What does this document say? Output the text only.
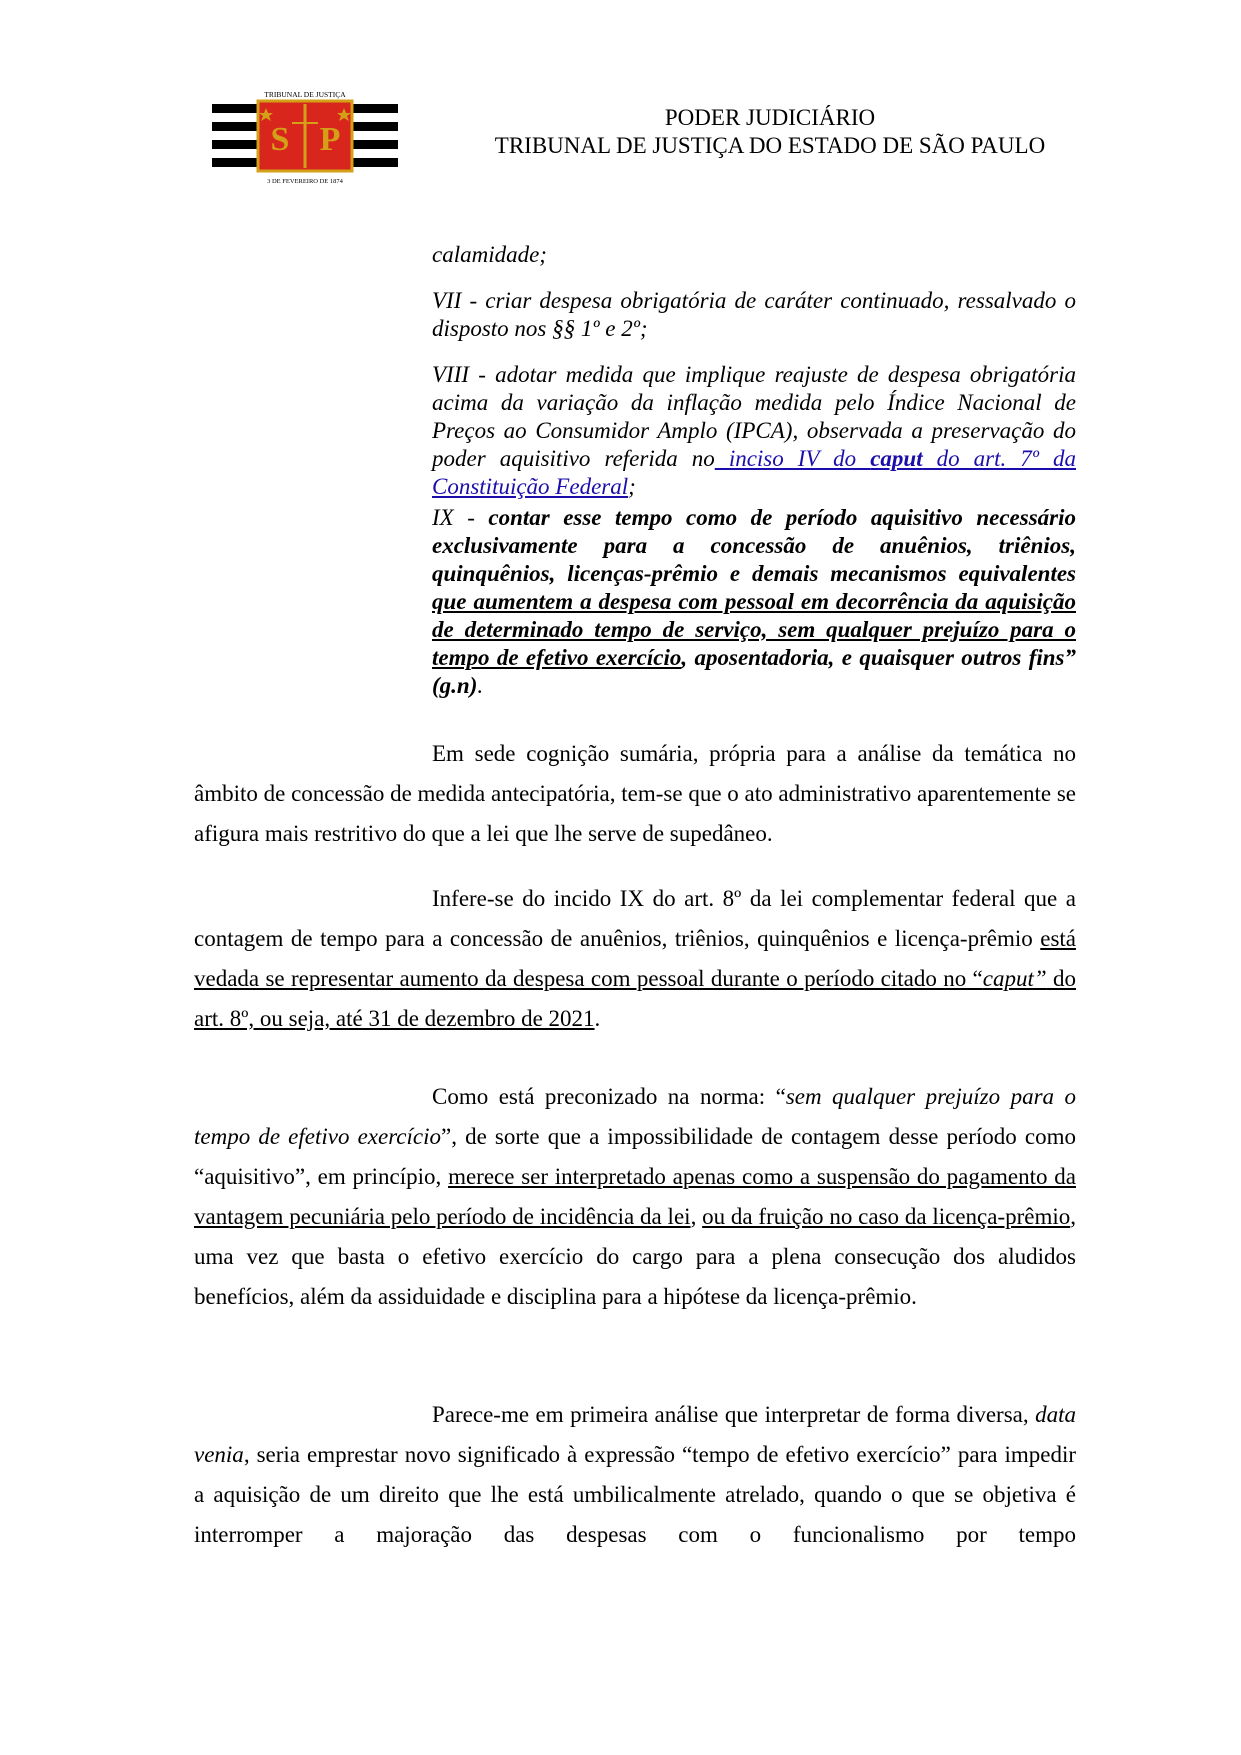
S P
TRIBUNAL DE JUSTIÇA
3 DE FEVEREIRO DE 1874
PODER JUDICIÁRIO
TRIBUNAL DE JUSTIÇA DO ESTADO DE SÃO PAULO

calamidade;

VII - criar despesa obrigatória de caráter continuado, ressalvado o disposto nos §§ 1º e 2º;

VIII - adotar medida que implique reajuste de despesa obrigatória acima da variação da inflação medida pelo Índice Nacional de Preços ao Consumidor Amplo (IPCA), observada a preservação do poder aquisitivo referida no inciso IV do caput do art. 7º da Constituição Federal;

IX - contar esse tempo como de período aquisitivo necessário exclusivamente para a concessão de anuênios, triênios, quinquênios, licenças-prêmio e demais mecanismos equivalentes que aumentem a despesa com pessoal em decorrência da aquisição de determinado tempo de serviço, sem qualquer prejuízo para o tempo de efetivo exercício, aposentadoria, e quaisquer outros fins” (g.n).

Em sede cognição sumária, própria para a análise da temática no âmbito de concessão de medida antecipatória, tem-se que o ato administrativo aparentemente se afigura mais restritivo do que a lei que lhe serve de supedâneo.

Infere-se do incido IX do art. 8º da lei complementar federal que a contagem de tempo para a concessão de anuênios, triênios, quinquênios e licença-prêmio está vedada se representar aumento da despesa com pessoal durante o período citado no “caput” do art. 8º, ou seja, até 31 de dezembro de 2021.

Como está preconizado na norma: “sem qualquer prejuízo para o tempo de efetivo exercício”, de sorte que a impossibilidade de contagem desse período como “aquisitivo”, em princípio, merece ser interpretado apenas como a suspensão do pagamento da vantagem pecuniária pelo período de incidência da lei, ou da fruição no caso da licença-prêmio, uma vez que basta o efetivo exercício do cargo para a plena consecução dos aludidos benefícios, além da assiduidade e disciplina para a hipótese da licença-prêmio.

Parece-me em primeira análise que interpretar de forma diversa, data venia, seria emprestar novo significado à expressão “tempo de efetivo exercício” para impedir a aquisição de um direito que lhe está umbilicalmente atrelado, quando o que se objetiva é interromper a majoração das despesas com o funcionalismo por tempo
